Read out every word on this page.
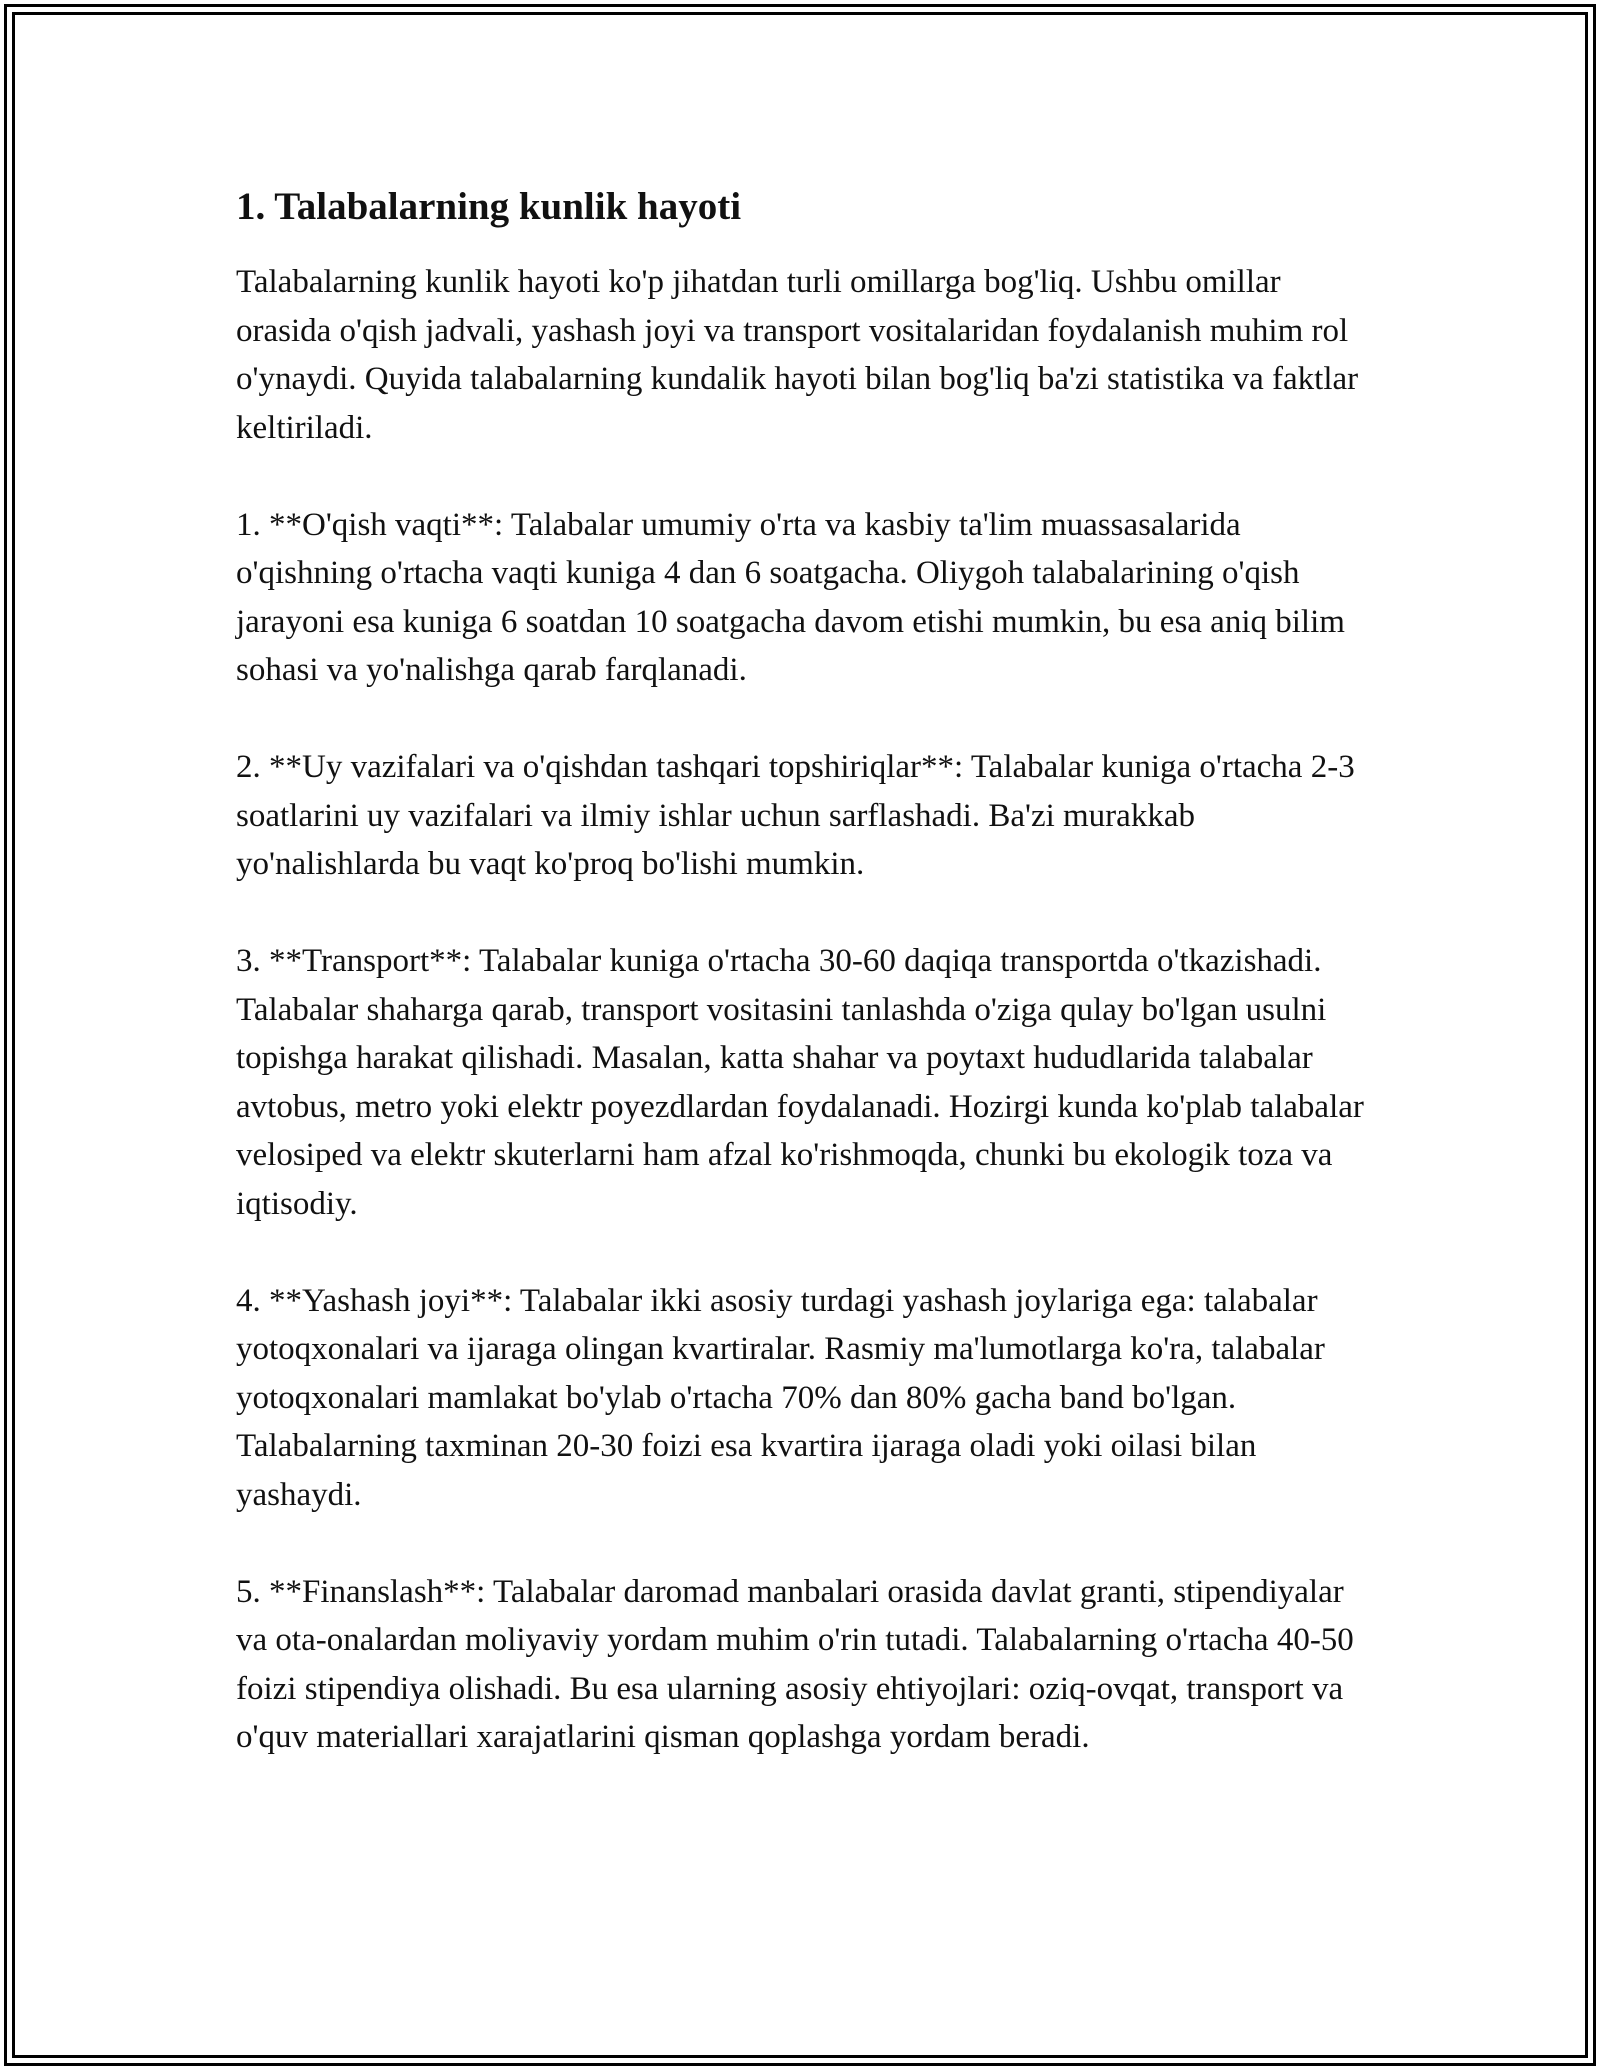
1. Talabalarning kunlik hayoti

Talabalarning kunlik hayoti ko'p jihatdan turli omillarga bog'liq. Ushbu omillar orasida o'qish jadvali, yashash joyi va transport vositalaridan foydalanish muhim rol o'ynaydi. Quyida talabalarning kundalik hayoti bilan bog'liq ba'zi statistika va faktlar keltiriladi.

1. **O'qish vaqti**: Talabalar umumiy o'rta va kasbiy ta'lim muassasalarida o'qishning o'rtacha vaqti kuniga 4 dan 6 soatgacha. Oliygoh talabalarining o'qish jarayoni esa kuniga 6 soatdan 10 soatgacha davom etishi mumkin, bu esa aniq bilim sohasi va yo'nalishga qarab farqlanadi.

2. **Uy vazifalari va o'qishdan tashqari topshiriqlar**: Talabalar kuniga o'rtacha 2-3 soatlarini uy vazifalari va ilmiy ishlar uchun sarflashadi. Ba'zi murakkab yo'nalishlarda bu vaqt ko'proq bo'lishi mumkin.

3. **Transport**: Talabalar kuniga o'rtacha 30-60 daqiqa transportda o'tkazishadi. Talabalar shaharga qarab, transport vositasini tanlashda o'ziga qulay bo'lgan usulni topishga harakat qilishadi. Masalan, katta shahar va poytaxt hududlarida talabalar avtobus, metro yoki elektr poyezdlardan foydalanadi. Hozirgi kunda ko'plab talabalar velosiped va elektr skuterlarni ham afzal ko'rishmoqda, chunki bu ekologik toza va iqtisodiy.

4. **Yashash joyi**: Talabalar ikki asosiy turdagi yashash joylariga ega: talabalar yotoqxonalari va ijaraga olingan kvartiralar. Rasmiy ma'lumotlarga ko'ra, talabalar yotoqxonalari mamlakat bo'ylab o'rtacha 70% dan 80% gacha band bo'lgan. Talabalarning taxminan 20-30 foizi esa kvartira ijaraga oladi yoki oilasi bilan yashaydi.

5. **Finanslash**: Talabalar daromad manbalari orasida davlat granti, stipendiyalar va ota-onalardan moliyaviy yordam muhim o'rin tutadi. Talabalarning o'rtacha 40-50 foizi stipendiya olishadi. Bu esa ularning asosiy ehtiyojlari: oziq-ovqat, transport va o'quv materiallari xarajatlarini qisman qoplashga yordam beradi.
